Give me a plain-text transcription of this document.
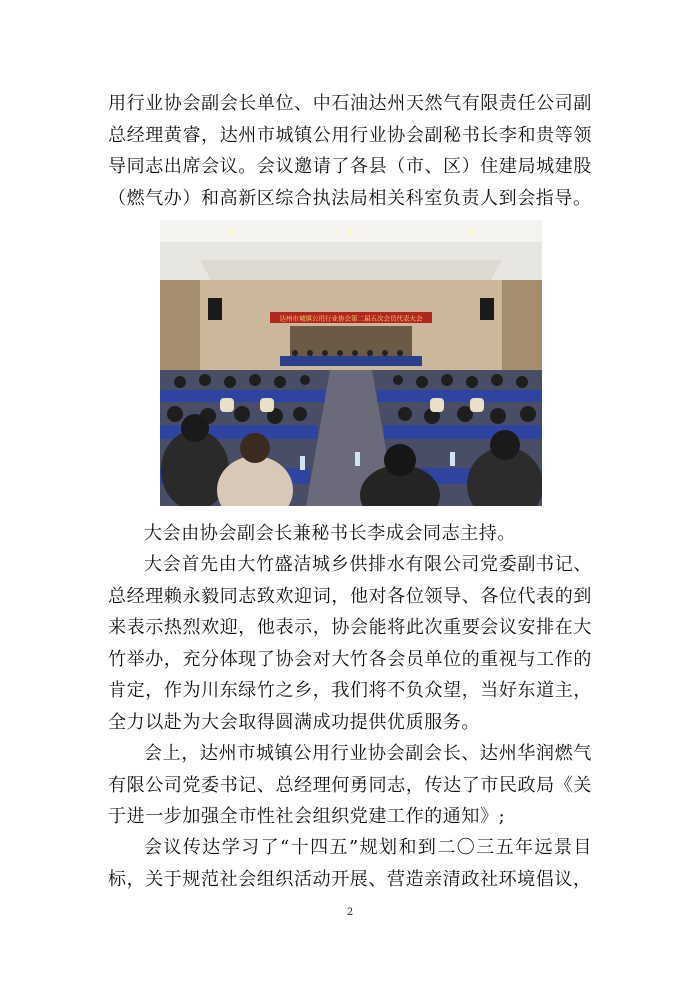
用行业协会副会长单位、中石油达州天然气有限责任公司副总经理黄睿，达州市城镇公用行业协会副秘书长李和贵等领导同志出席会议。会议邀请了各县（市、区）住建局城建股（燃气办）和高新区综合执法局相关科室负责人到会指导。

达州市城镇公用行业协会第二届五次会员代表大会

大会由协会副会长兼秘书长李成会同志主持。

大会首先由大竹盛洁城乡供排水有限公司党委副书记、总经理赖永毅同志致欢迎词，他对各位领导、各位代表的到来表示热烈欢迎，他表示，协会能将此次重要会议安排在大竹举办，充分体现了协会对大竹各会员单位的重视与工作的肯定，作为川东绿竹之乡，我们将不负众望，当好东道主，全力以赴为大会取得圆满成功提供优质服务。

会上，达州市城镇公用行业协会副会长、达州华润燃气有限公司党委书记、总经理何勇同志，传达了市民政局《关于进一步加强全市性社会组织党建工作的通知》;

会议传达学习了“十四五”规划和到二〇三五年远景目标，关于规范社会组织活动开展、营造亲清政社环境倡议，

2
